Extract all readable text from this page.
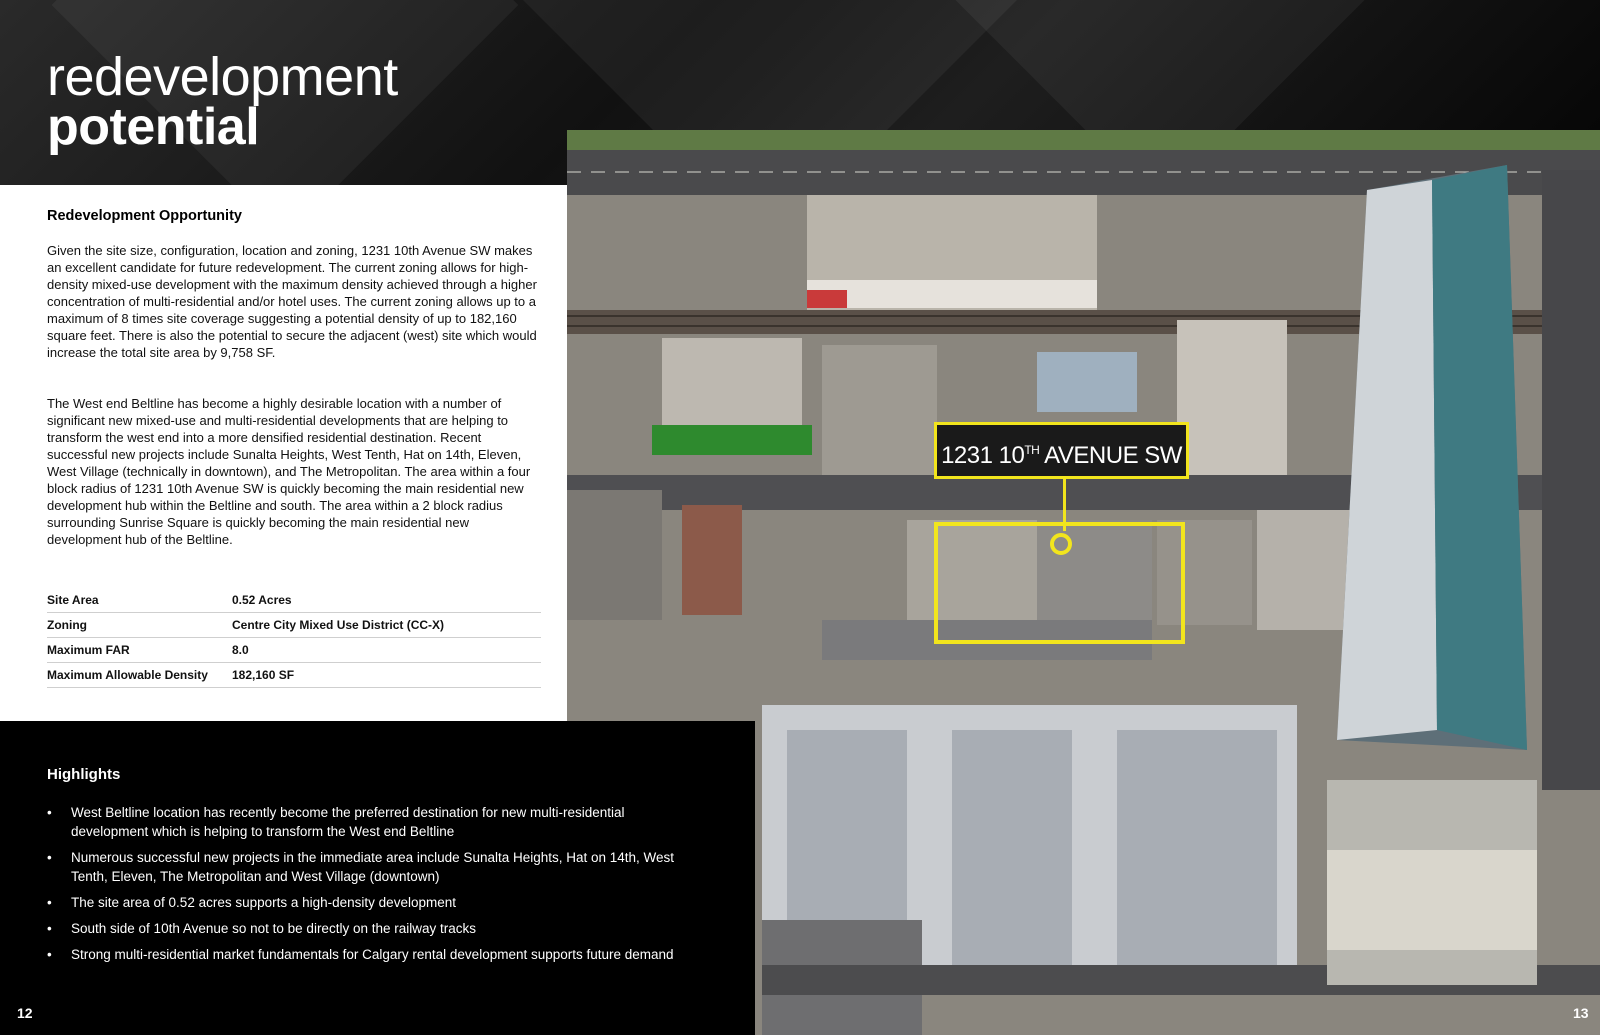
redevelopment
potential
Redevelopment Opportunity

Given the site size, configuration, location and zoning, 1231 10th Avenue SW makes an excellent candidate for future redevelopment. The current zoning allows for high-density mixed-use development with the maximum density achieved through a higher concentration of multi-residential and/or hotel uses. The current zoning allows up to a maximum of 8 times site coverage suggesting a potential density of up to 182,160 square feet. There is also the potential to secure the adjacent (west) site which would increase the total site area by 9,758 SF.

The West end Beltline has become a highly desirable location with a number of significant new mixed-use and multi-residential developments that are helping to transform the west end into a more densified residential destination. Recent successful new projects include Sunalta Heights, West Tenth, Hat on 14th, Eleven, West Village (technically in downtown), and The Metropolitan. The area within a four block radius of 1231 10th Avenue SW is quickly becoming the main residential new development hub within the Beltline and south. The area within a 2 block radius surrounding Sunrise Square is quickly becoming the main residential new development hub of the Beltline.

Site Area	0.52 Acres
Zoning	Centre City Mixed Use District (CC-X)
Maximum FAR	8.0
Maximum Allowable Density	182,160 SF
1231 10TH AVENUE SW
Highlights
• West Beltline location has recently become the preferred destination for new multi-residential development which is helping to transform the West end Beltline
• Numerous successful new projects in the immediate area include Sunalta Heights, Hat on 14th, West Tenth, Eleven, The Metropolitan and West Village (downtown)
• The site area of 0.52 acres supports a high-density development
• South side of 10th Avenue so not to be directly on the railway tracks
• Strong multi-residential market fundamentals for Calgary rental development supports future demand
12	13
